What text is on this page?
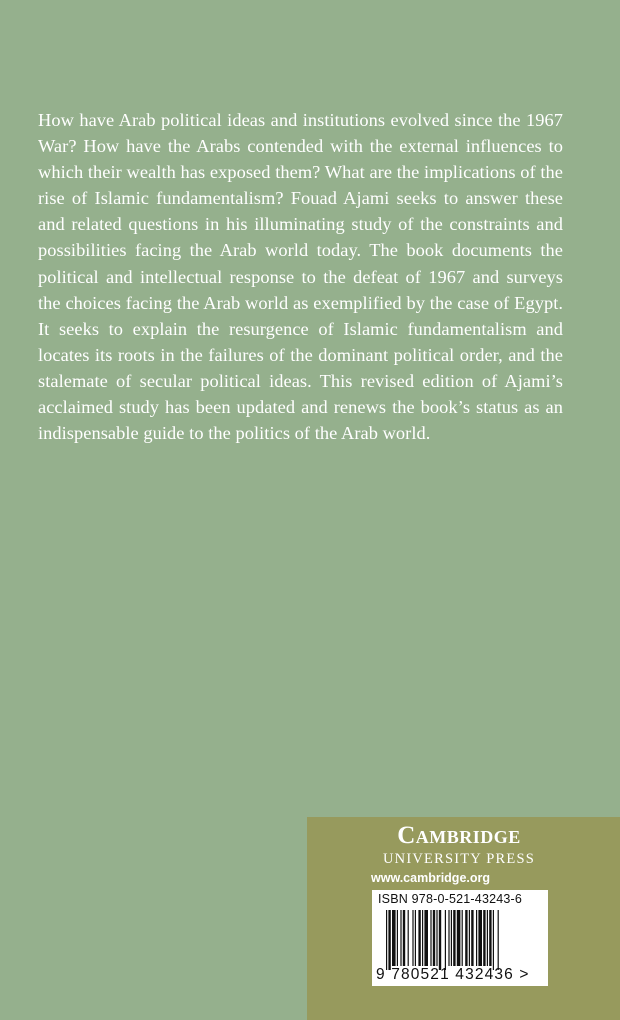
How have Arab political ideas and institutions evolved since the 1967 War? How have the Arabs contended with the external influences to which their wealth has exposed them? What are the implications of the rise of Islamic fundamentalism? Fouad Ajami seeks to answer these and related questions in his illuminating study of the constraints and possibilities facing the Arab world today. The book documents the political and intellectual response to the defeat of 1967 and surveys the choices facing the Arab world as exemplified by the case of Egypt. It seeks to explain the resurgence of Islamic fundamentalism and locates its roots in the failures of the dominant political order, and the stalemate of secular political ideas. This revised edition of Ajami’s acclaimed study has been updated and renews the book’s status as an indispensable guide to the politics of the Arab world.
Cambridge
UNIVERSITY PRESS
www.cambridge.org
ISBN 978-0-521-43243-6
9 780521 432436 >
